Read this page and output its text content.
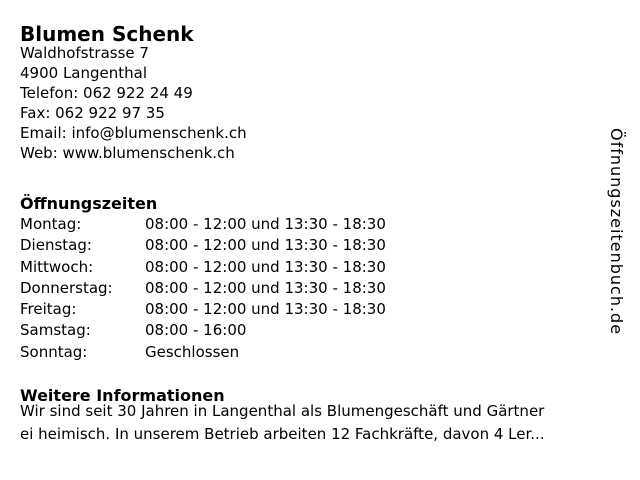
Blumen Schenk
Waldhofstrasse 7
4900 Langenthal
Telefon: 062 922 24 49
Fax: 062 922 97 35
Email: info@blumenschenk.ch
Web: www.blumenschenk.ch
Öffnungszeiten
Montag:	08:00 - 12:00 und 13:30 - 18:30
Dienstag:	08:00 - 12:00 und 13:30 - 18:30
Mittwoch:	08:00 - 12:00 und 13:30 - 18:30
Donnerstag:	08:00 - 12:00 und 13:30 - 18:30
Freitag:	08:00 - 12:00 und 13:30 - 18:30
Samstag:	08:00 - 16:00
Sonntag:	Geschlossen
Weitere Informationen
Wir sind seit 30 Jahren in Langenthal als Blumengeschäft und Gärtner
ei heimisch. In unserem Betrieb arbeiten 12 Fachkräfte, davon 4 Ler...
Öffnungszeitenbuch.de
